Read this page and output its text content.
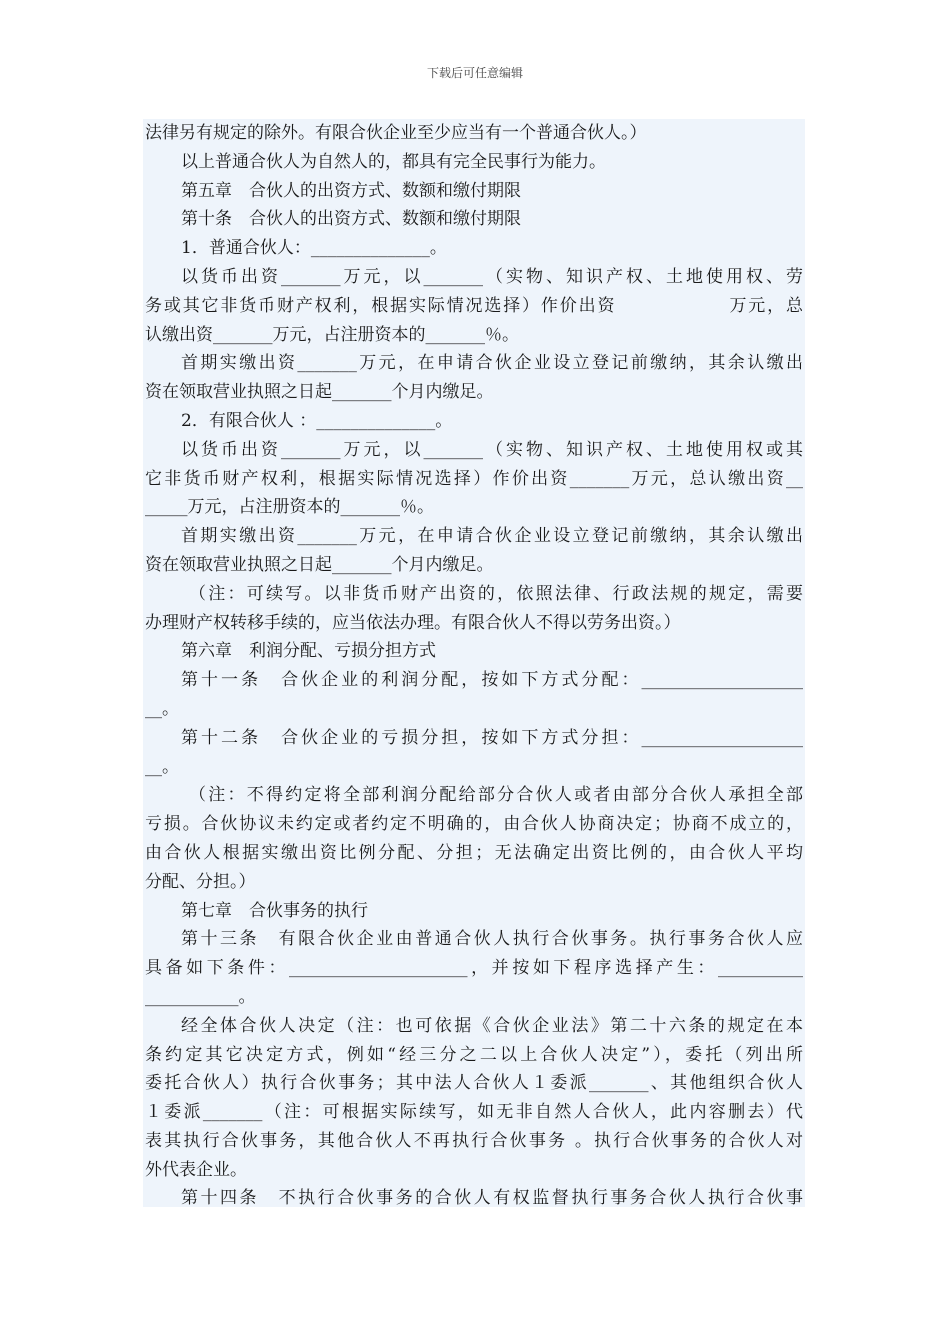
下载后可任意编辑
法律另有规定的除外。有限合伙企业至少应当有一个普通合伙人。）
以上普通合伙人为自然人的，都具有完全民事行为能力。
第五章　合伙人的出资方式、数额和缴付期限
第十条　合伙人的出资方式、数额和缴付期限
1．普通合伙人：______________。
以货币出资_______万元，以_______（实物、知识产权、土地使用权、劳
务或其它非货币财产权利，根据实际情况选择）作价出资　　　　　　万元，总
认缴出资_______万元，占注册资本的_______％。
首期实缴出资_______万元，在申请合伙企业设立登记前缴纳，其余认缴出
资在领取营业执照之日起_______个月内缴足。
2．有限合伙人 ：______________。
以货币出资_______万元，以_______（实物、知识产权、土地使用权或其
它非货币财产权利，根据实际情况选择）作价出资_______万元，总认缴出资__
_____万元，占注册资本的_______％。
首期实缴出资_______万元，在申请合伙企业设立登记前缴纳，其余认缴出
资在领取营业执照之日起_______个月内缴足。
（注：可续写。以非货币财产出资的，依照法律、行政法规的规定，需要
办理财产权转移手续的，应当依法办理。有限合伙人不得以劳务出资。）
第六章　利润分配、亏损分担方式
第十一条　合伙企业的利润分配，按如下方式分配：___________________
__。
第十二条　合伙企业的亏损分担，按如下方式分担：___________________
__。
（注：不得约定将全部利润分配给部分合伙人或者由部分合伙人承担全部
亏损。合伙协议未约定或者约定不明确的，由合伙人协商决定；协商不成立的，
由合伙人根据实缴出资比例分配、分担；无法确定出资比例的，由合伙人平均
分配、分担。）
第七章　合伙事务的执行
第十三条　有限合伙企业由普通合伙人执行合伙事务。执行事务合伙人应
具备如下条件：_____________________，并按如下程序选择产生：__________
___________。
经全体合伙人决定（注：也可依据《合伙企业法》第二十六条的规定在本
条约定其它决定方式，例如“经三分之二以上合伙人决定”），委托（列出所
委托合伙人）执行合伙事务；其中法人合伙人１委派_______、其他组织合伙人
１委派_______（注：可根据实际续写，如无非自然人合伙人，此内容删去）代
表其执行合伙事务，其他合伙人不再执行合伙事务 。执行合伙事务的合伙人对
外代表企业。
第十四条　不执行合伙事务的合伙人有权监督执行事务合伙人执行合伙事
